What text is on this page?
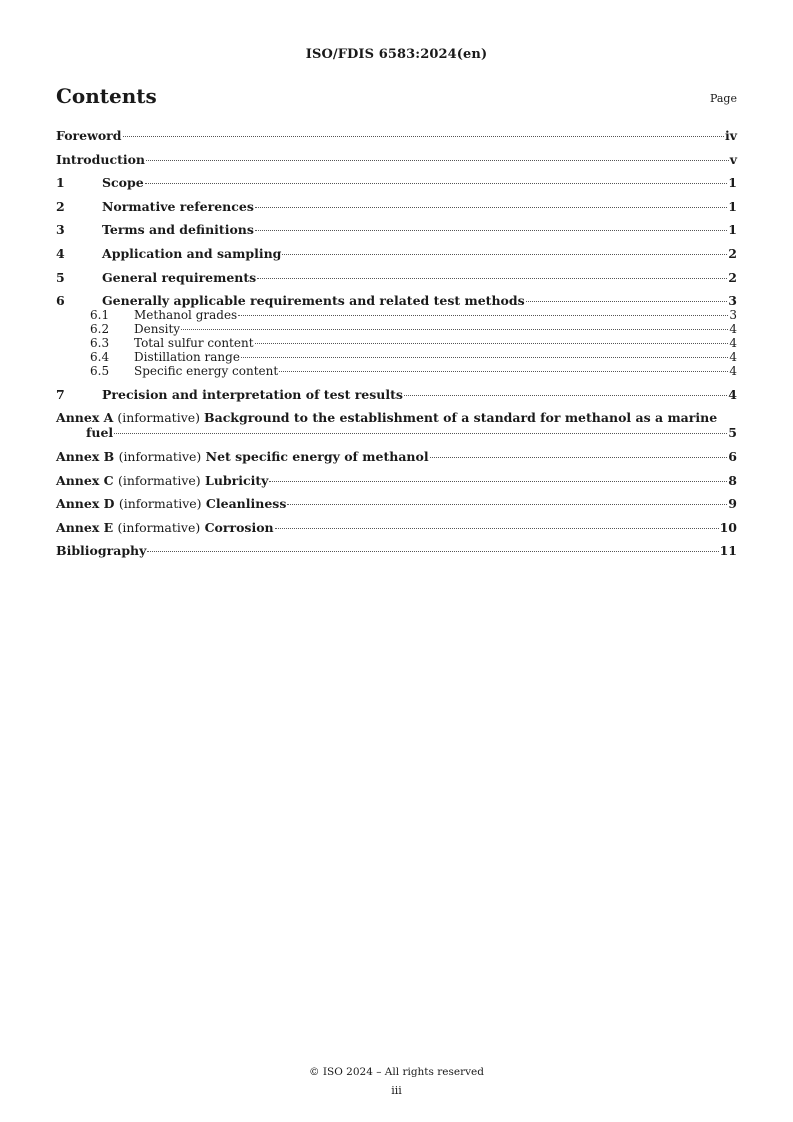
ISO/FDIS 6583:2024(en)
Contents	Page
Foreword	iv
Introduction	v
1	Scope	1
2	Normative references	1
3	Terms and definitions	1
4	Application and sampling	2
5	General requirements	2
6	Generally applicable requirements and related test methods	3
6.1	Methanol grades	3
6.2	Density	4
6.3	Total sulfur content	4
6.4	Distillation range	4
6.5	Specific energy content	4
7	Precision and interpretation of test results	4
Annex A (informative) Background to the establishment of a standard for methanol as a marine
fuel	5
Annex B (informative) Net specific energy of methanol	6
Annex C (informative) Lubricity	8
Annex D (informative) Cleanliness	9
Annex E (informative) Corrosion	10
Bibliography	11
© ISO 2024 – All rights reserved
iii
